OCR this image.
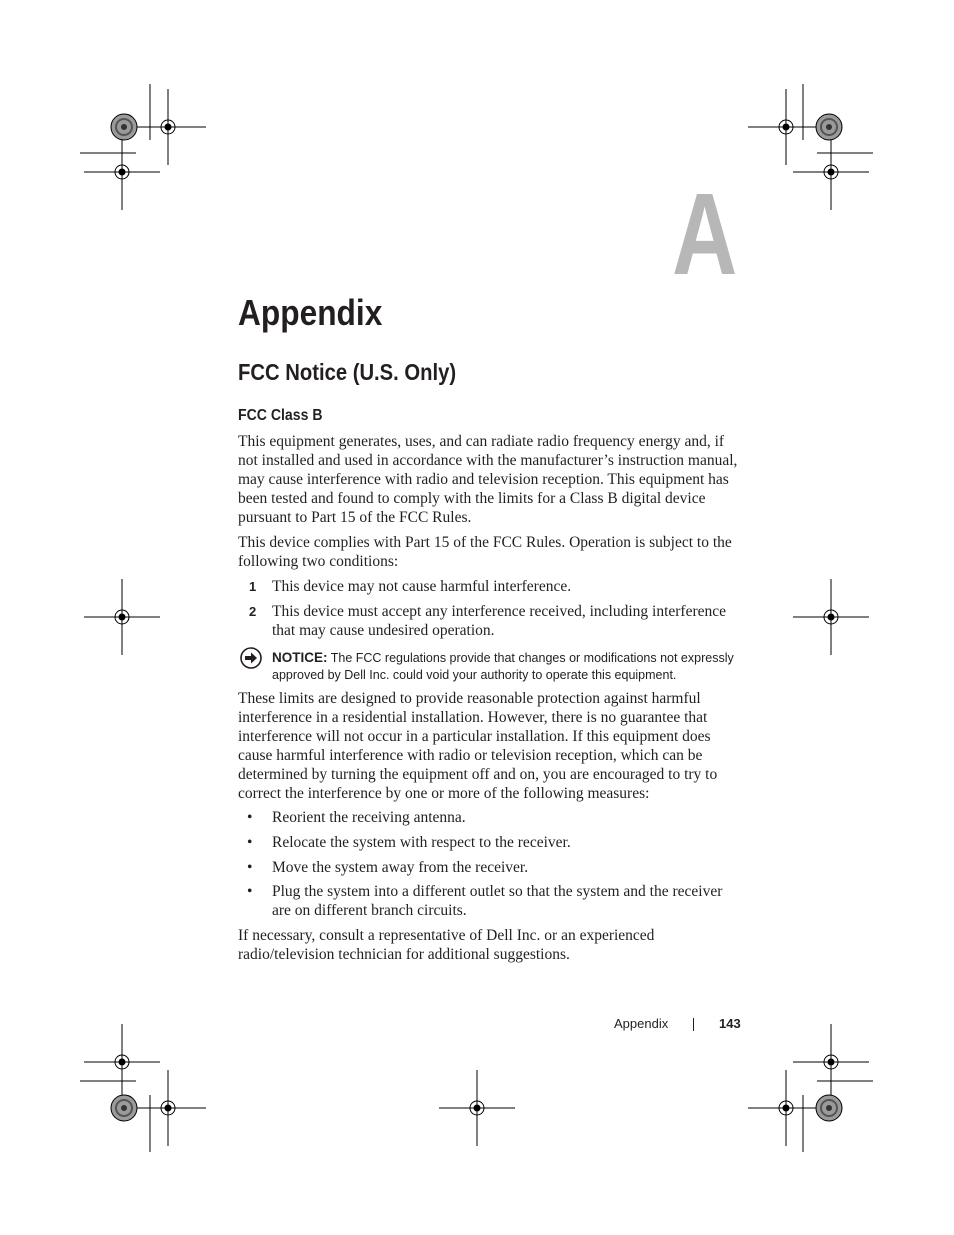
A
Appendix
FCC Notice (U.S. Only)
FCC Class B

This equipment generates, uses, and can radiate radio frequency energy and, if not installed and used in accordance with the manufacturer’s instruction manual, may cause interference with radio and television reception. This equipment has been tested and found to comply with the limits for a Class B digital device pursuant to Part 15 of the FCC Rules.

This device complies with Part 15 of the FCC Rules. Operation is subject to the following two conditions:

1	This device may not cause harmful interference.
2	This device must accept any interference received, including interference that may cause undesired operation.
NOTICE: The FCC regulations provide that changes or modifications not expressly approved by Dell Inc. could void your authority to operate this equipment.

These limits are designed to provide reasonable protection against harmful interference in a residential installation. However, there is no guarantee that interference will not occur in a particular installation. If this equipment does cause harmful interference with radio or television reception, which can be determined by turning the equipment off and on, you are encouraged to try to correct the interference by one or more of the following measures:

•	Reorient the receiving antenna.
•	Relocate the system with respect to the receiver.
•	Move the system away from the receiver.
•	Plug the system into a different outlet so that the system and the receiver are on different branch circuits.

If necessary, consult a representative of Dell Inc. or an experienced radio/television technician for additional suggestions.

Appendix	143
